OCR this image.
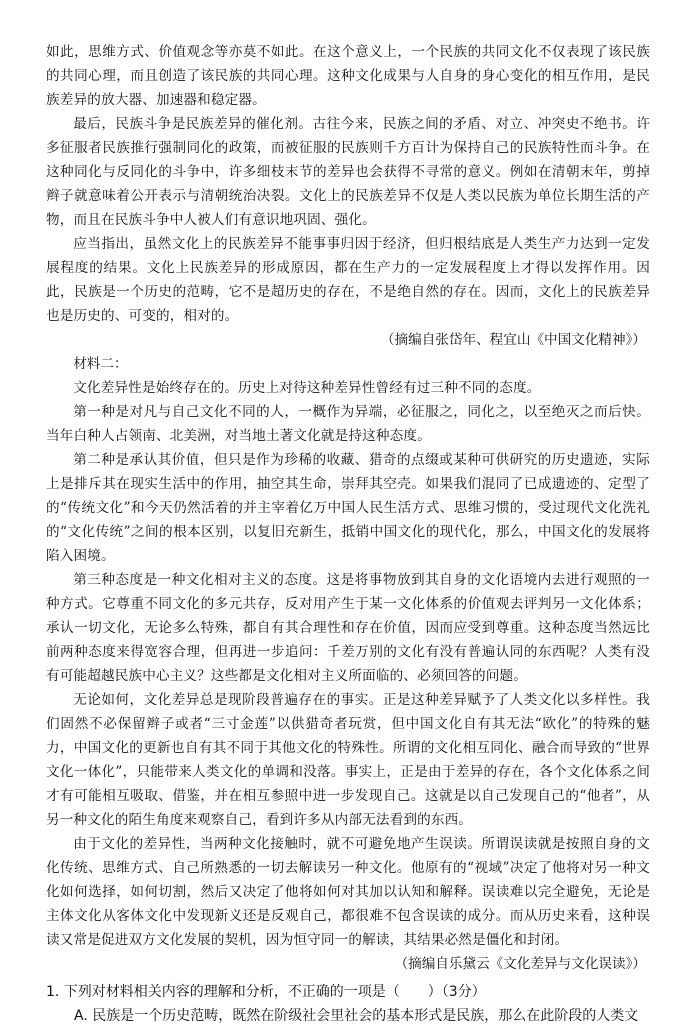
如此，思维方式、价值观念等亦莫不如此。在这个意义上，一个民族的共同文化不仅表现了该民族的共同心理，而且创造了该民族的共同心理。这种文化成果与人自身的身心变化的相互作用，是民族差异的放大器、加速器和稳定器。

最后，民族斗争是民族差异的催化剂。古往今来，民族之间的矛盾、对立、冲突史不绝书。许多征服者民族推行强制同化的政策，而被征服的民族则千方百计为保持自己的民族特性而斗争。在这种同化与反同化的斗争中，许多细枝末节的差异也会获得不寻常的意义。例如在清朝末年，剪掉辫子就意味着公开表示与清朝统治决裂。文化上的民族差异不仅是人类以民族为单位长期生活的产物，而且在民族斗争中人被人们有意识地巩固、强化。

应当指出，虽然文化上的民族差异不能事事归因于经济，但归根结底是人类生产力达到一定发展程度的结果。文化上民族差异的形成原因，都在生产力的一定发展程度上才得以发挥作用。因此，民族是一个历史的范畴，它不是超历史的存在，不是绝自然的存在。因而，文化上的民族差异也是历史的、可变的，相对的。

（摘编自张岱年、程宜山《中国文化精神》）

材料二：

文化差异性是始终存在的。历史上对待这种差异性曾经有过三种不同的态度。

第一种是对凡与自己文化不同的人，一概作为异端，必征服之，同化之，以至绝灭之而后快。当年白种人占领南、北美洲，对当地土著文化就是持这种态度。

第二种是承认其价值，但只是作为珍稀的收藏、猎奇的点缀或某种可供研究的历史遗迹，实际上是排斥其在现实生活中的作用，抽空其生命，崇拜其空壳。如果我们混同了已成遗迹的、定型了的“传统文化”和今天仍然活着的并主宰着亿万中国人民生活方式、思维习惯的，受过现代文化洗礼的“文化传统”之间的根本区别，以复旧充新生，抵销中国文化的现代化，那么，中国文化的发展将陷入困境。

第三种态度是一种文化相对主义的态度。这是将事物放到其自身的文化语境内去进行观照的一种方式。它尊重不同文化的多元共存，反对用产生于某一文化体系的价值观去评判另一文化体系；承认一切文化，无论多么特殊，都自有其合理性和存在价值，因而应受到尊重。这种态度当然远比前两种态度来得宽容合理，但再进一步追问：千差万别的文化有没有普遍认同的东西呢？人类有没有可能超越民族中心主义？这些都是文化相对主义所面临的、必须回答的问题。

无论如何，文化差异总是现阶段普遍存在的事实。正是这种差异赋予了人类文化以多样性。我们固然不必保留辫子或者“三寸金莲”以供猎奇者玩赏，但中国文化自有其无法“欧化”的特殊的魅力，中国文化的更新也自有其不同于其他文化的特殊性。所谓的文化相互同化、融合而导致的“世界文化一体化”，只能带来人类文化的单调和没落。事实上，正是由于差异的存在，各个文化体系之间才有可能相互吸取、借鉴，并在相互参照中进一步发现自己。这就是以自己发现自己的“他者”，从另一种文化的陌生角度来观察自己，看到许多从内部无法看到的东西。

由于文化的差异性，当两种文化接触时，就不可避免地产生误读。所谓误读就是按照自身的文化传统、思维方式、自己所熟悉的一切去解读另一种文化。他原有的“视域”决定了他将对另一种文化如何选择，如何切割，然后又决定了他将如何对其加以认知和解释。误读难以完全避免，无论是主体文化从客体文化中发现新义还是反观自己，都很难不包含误读的成分。而从历史来看，这种误读又常是促进双方文化发展的契机，因为恒守同一的解读，其结果必然是僵化和封闭。

（摘编自乐黛云《文化差异与文化误读》）

1. 下列对材料相关内容的理解和分析，不正确的一项是（　　）（3分）

A. 民族是一个历史范畴，既然在阶级社会里社会的基本形式是民族，那么在此阶段的人类文
